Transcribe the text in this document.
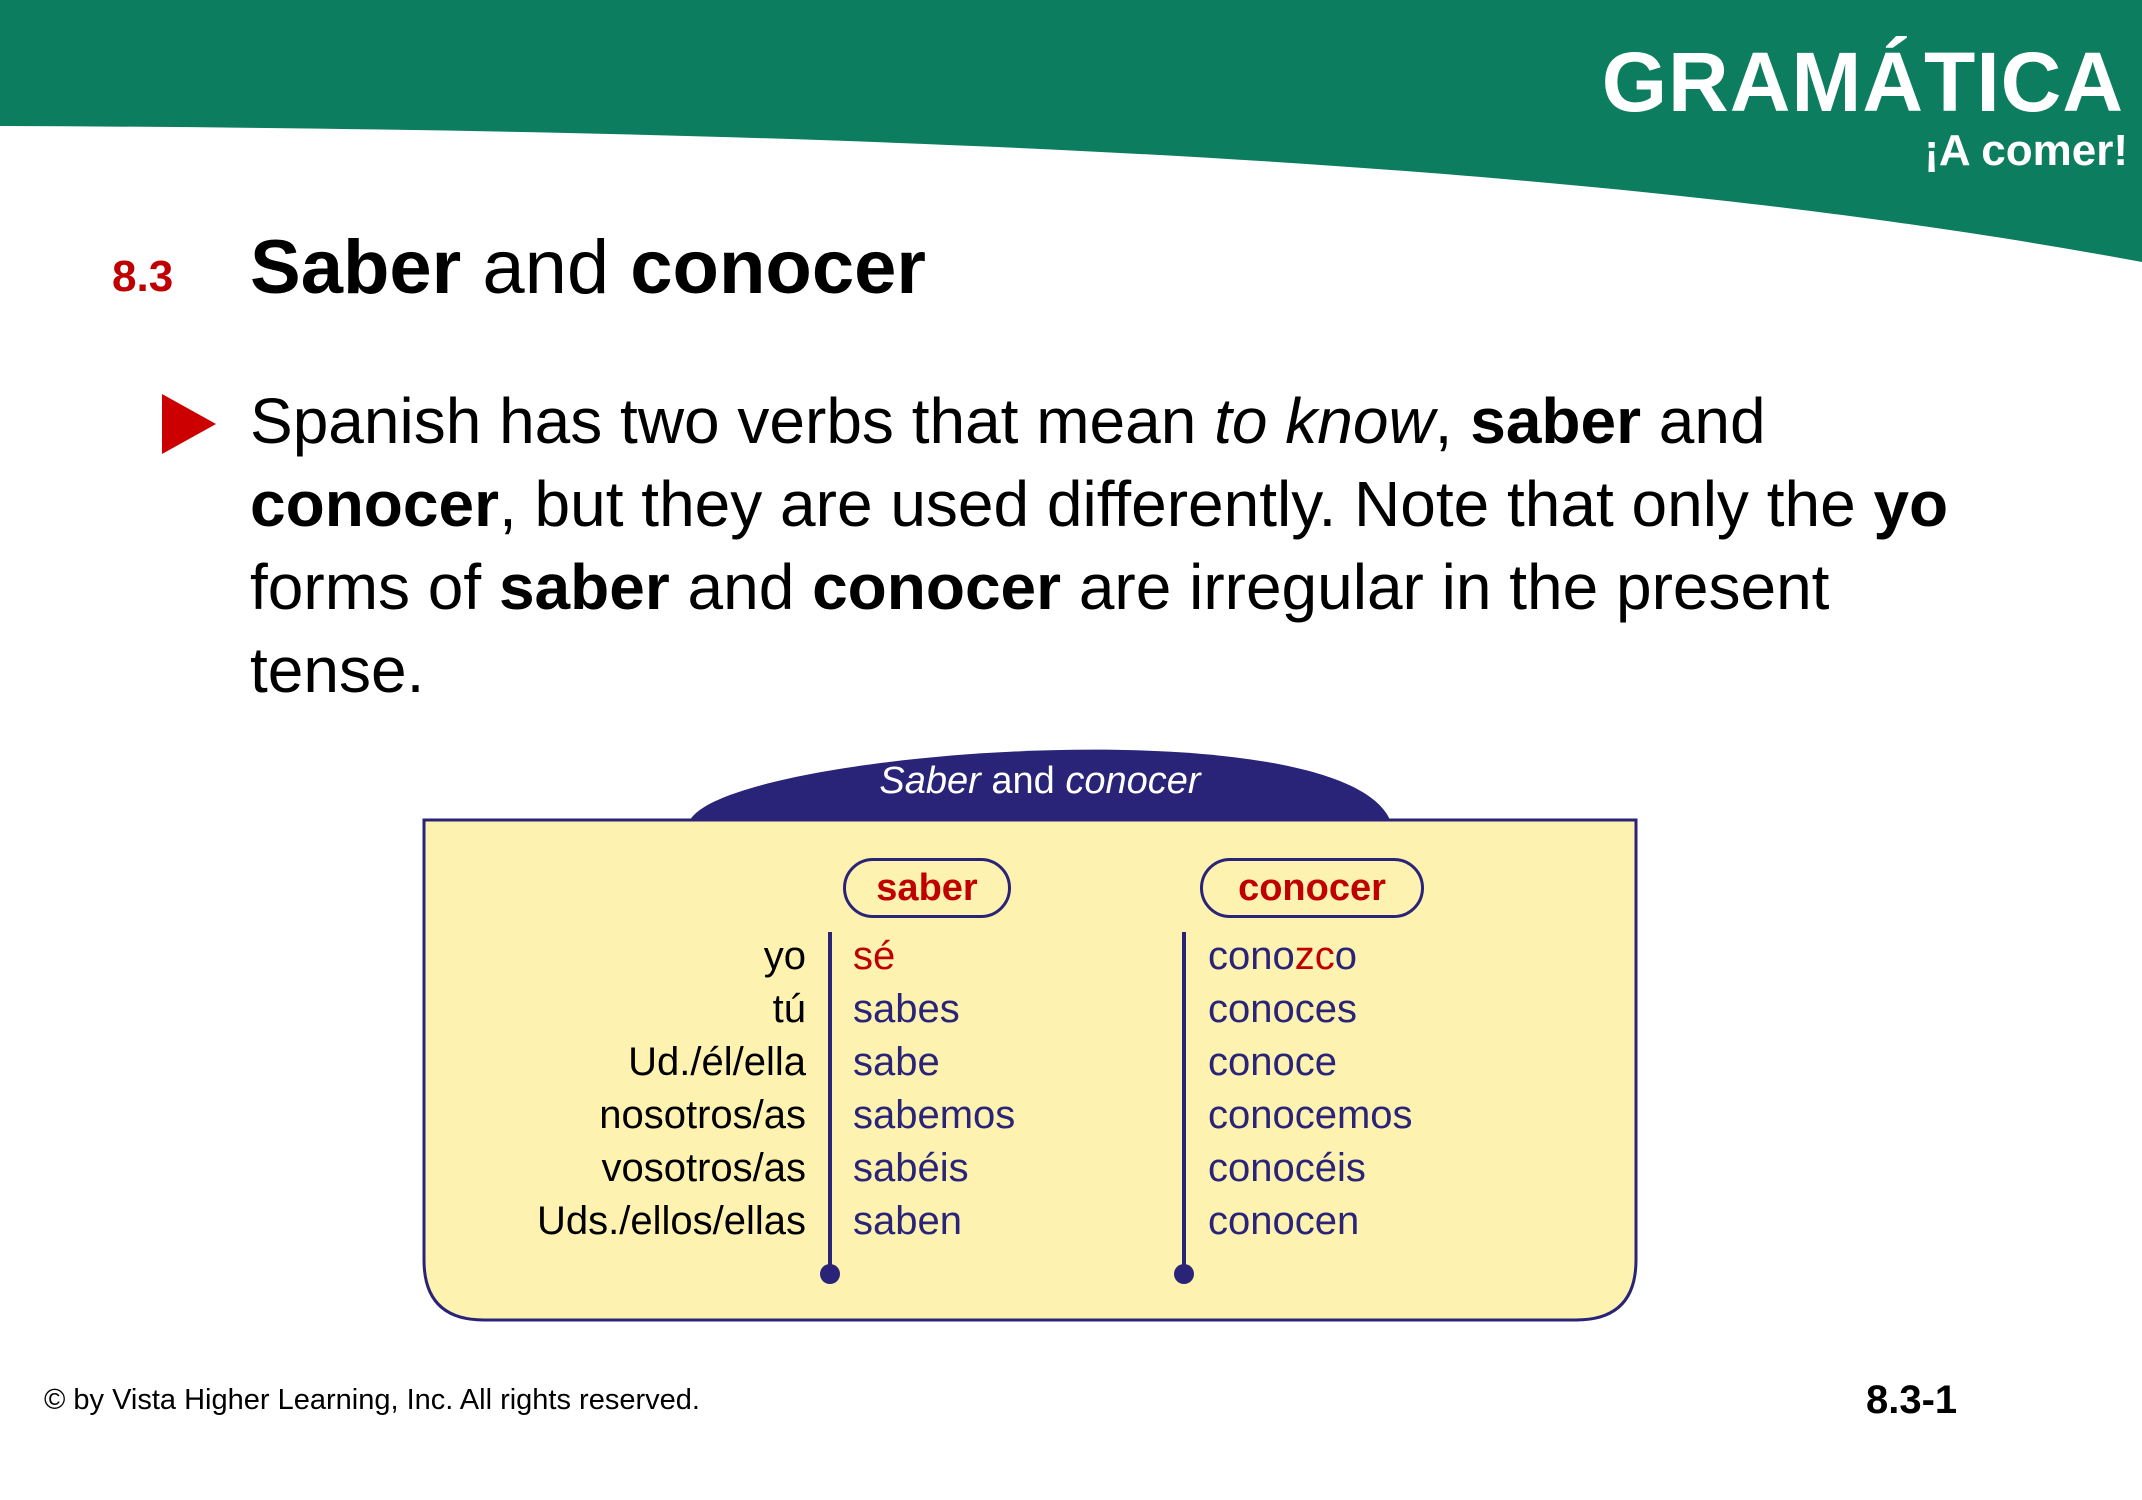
GRAMÁTICA
¡A comer!
8.3 Saber and conocer
Spanish has two verbs that mean to know, saber and conocer, but they are used differently. Note that only the yo forms of saber and conocer are irregular in the present tense.
Saber and conocer
saber	conocer
yo
tú
Ud./él/ella
nosotros/as
vosotros/as
Uds./ellos/ellas
sé
sabes
sabe
sabemos
sabéis
saben
conozco
conoces
conoce
conocemos
conocéis
conocen
© by Vista Higher Learning, Inc. All rights reserved.	8.3-1
